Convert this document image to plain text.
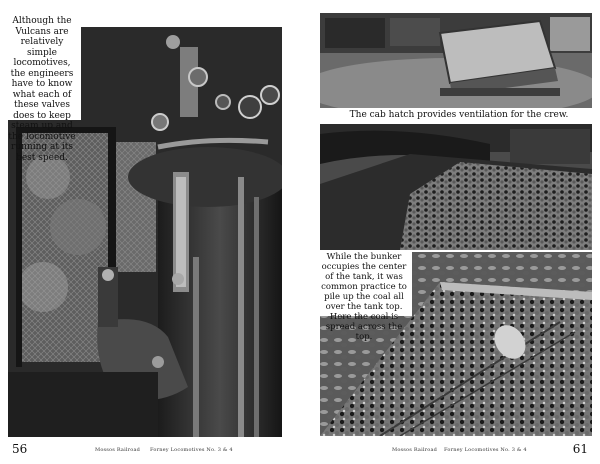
Although the Vulcans are relatively simple locomotives, the engineers have to know what each of these valves does to keep steam up and the locomotive running at its best speed.
56	Mossos Railroad Forney Locomotives No. 3 & 4
The cab hatch provides ventilation for the crew.
While the bunker occupies the center of the tank, it was common practice to pile up the coal all over the tank top. Here the coal is spread across the top.
Mossos Railroad Forney Locomotives No. 3 & 4	61
